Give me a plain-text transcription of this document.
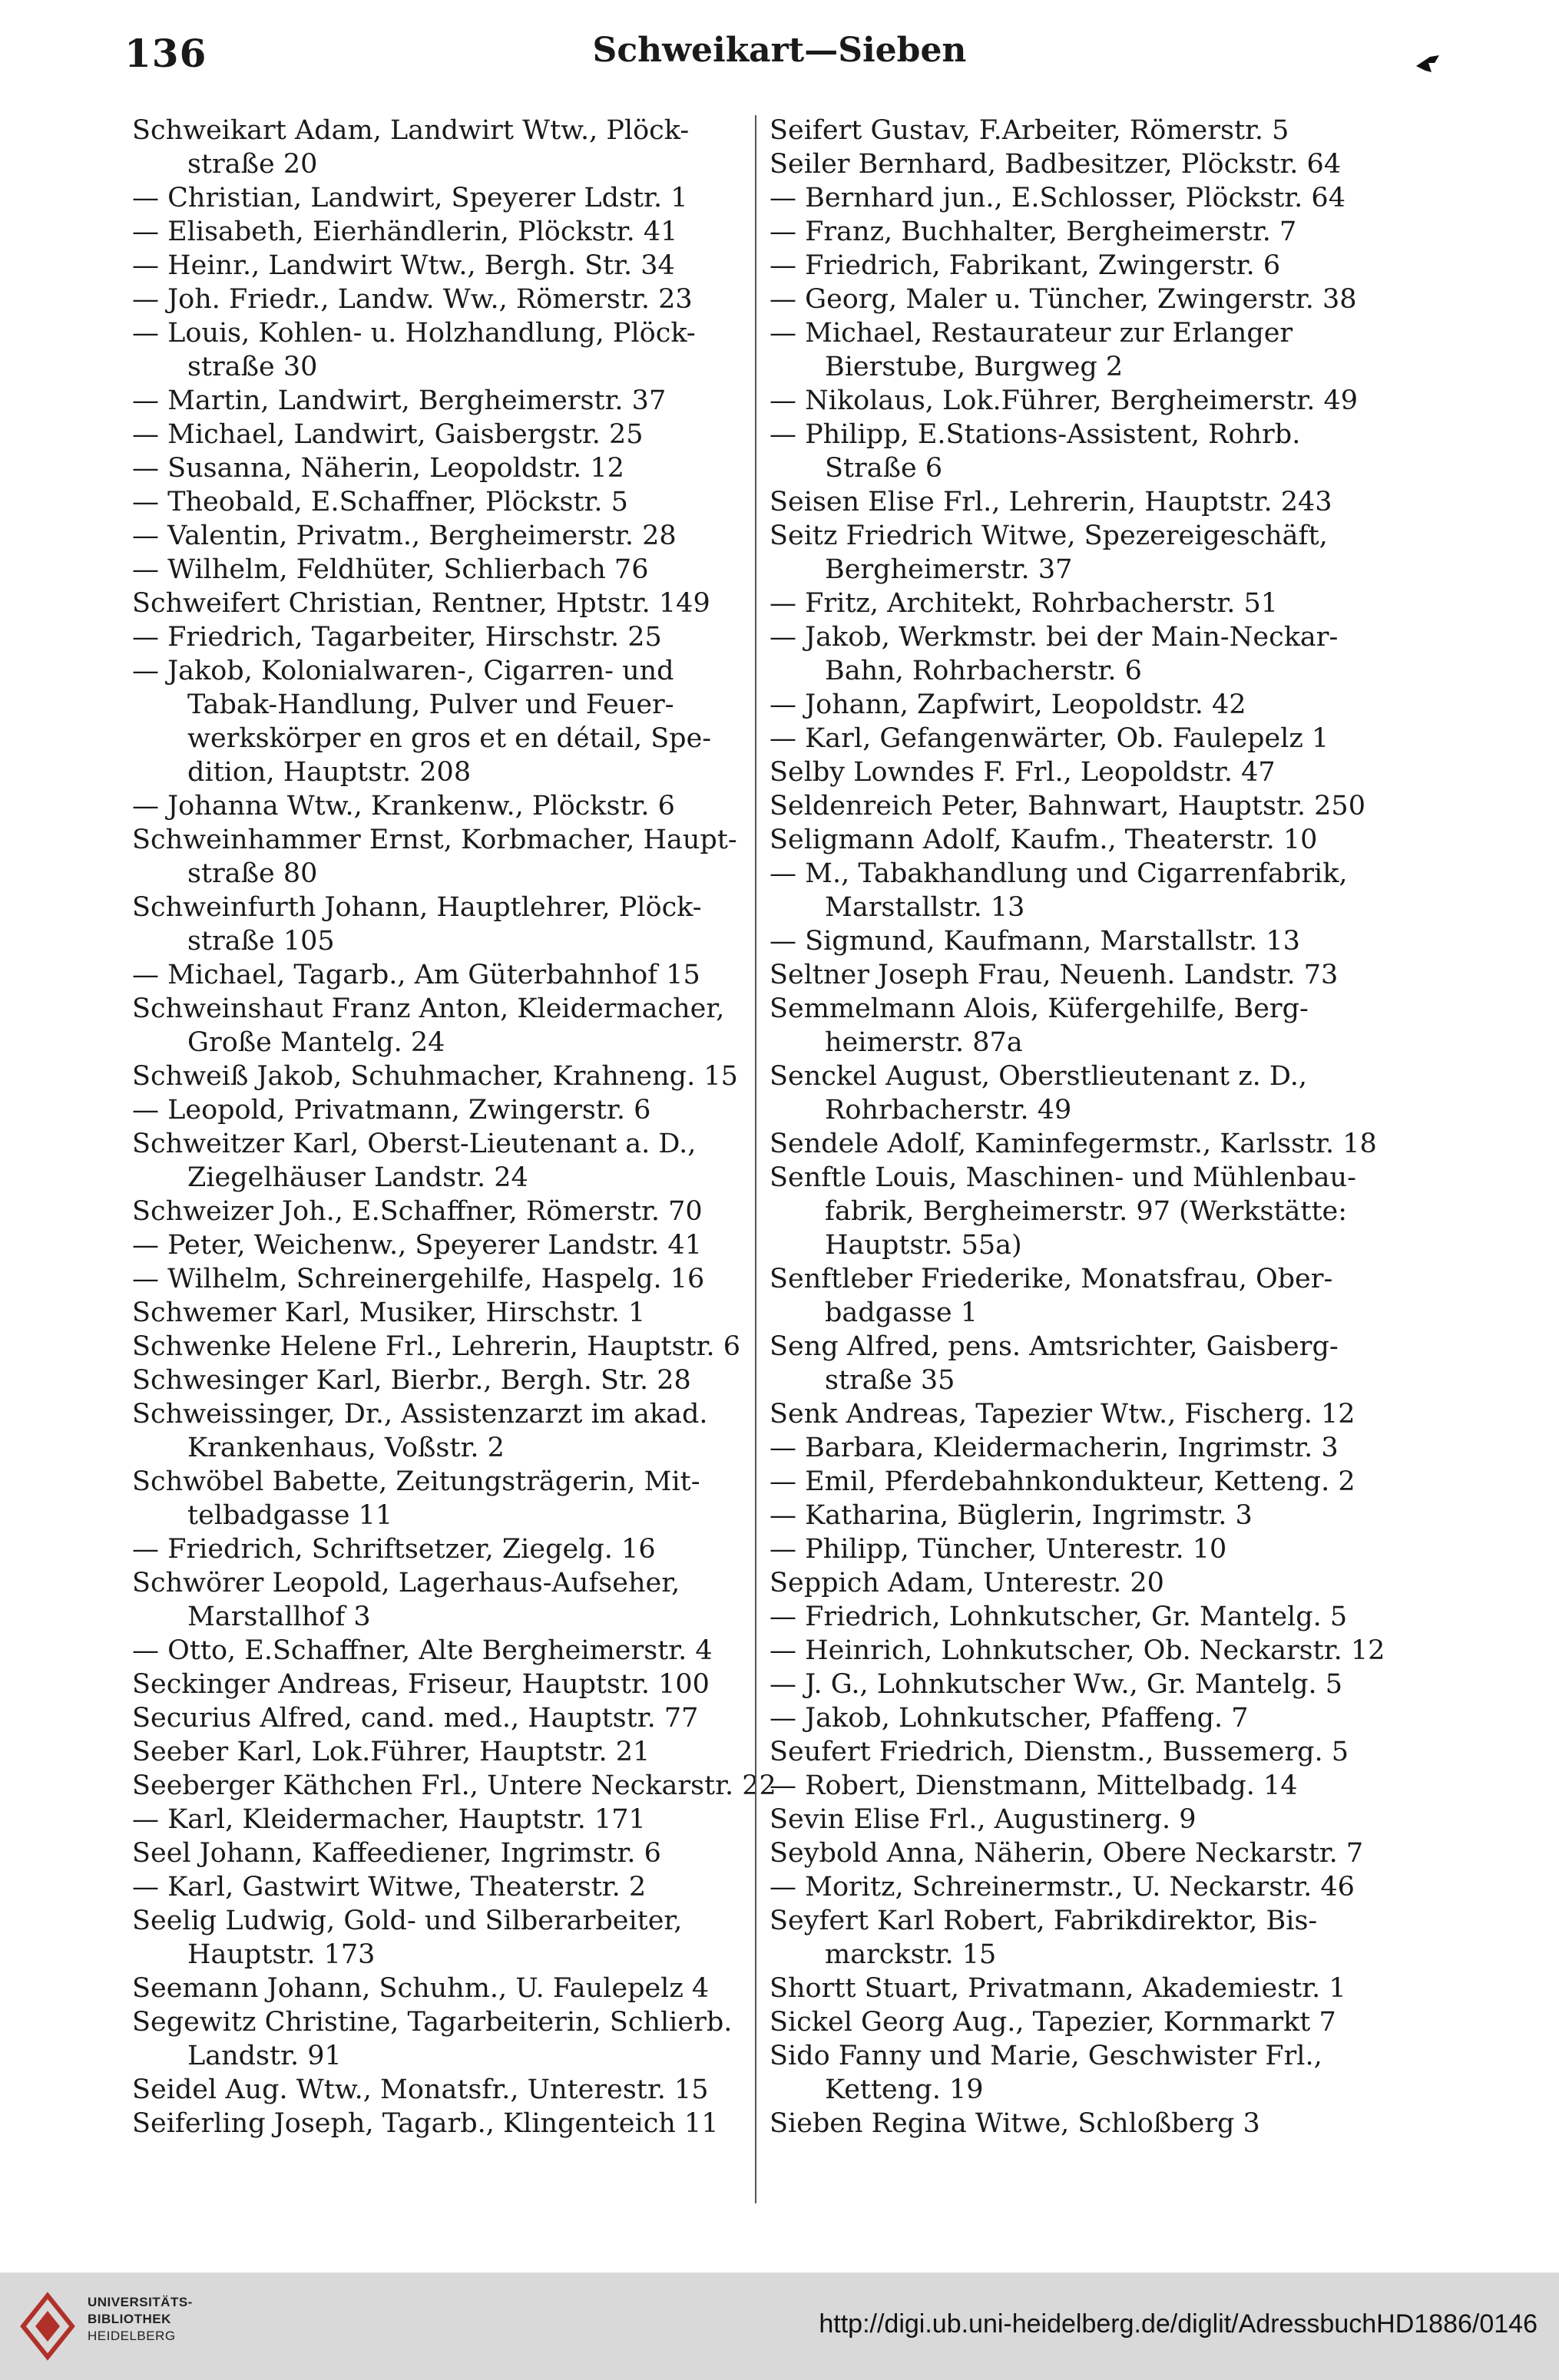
136	Schweikart—Sieben
Schweikart Adam, Landwirt Wtw., Plöck-

straße 20
— Christian, Landwirt, Speyerer Ldstr. 1
— Elisabeth, Eierhändlerin, Plöckstr. 41
— Heinr., Landwirt Wtw., Bergh. Str. 34
— Joh. Friedr., Landw. Ww., Römerstr. 23
— Louis, Kohlen- u. Holzhandlung, Plöck-

straße 30
— Martin, Landwirt, Bergheimerstr. 37
— Michael, Landwirt, Gaisbergstr. 25
— Susanna, Näherin, Leopoldstr. 12
— Theobald, E.Schaffner, Plöckstr. 5
— Valentin, Privatm., Bergheimerstr. 28
— Wilhelm, Feldhüter, Schlierbach 76
Schweifert Christian, Rentner, Hptstr. 149
— Friedrich, Tagarbeiter, Hirschstr. 25
— Jakob, Kolonialwaren-, Cigarren- und

Tabak-Handlung, Pulver und Feuer-
werkskörper en gros et en détail, Spe-
dition, Hauptstr. 208
— Johanna Wtw., Krankenw., Plöckstr. 6
Schweinhammer Ernst, Korbmacher, Haupt-

straße 80
Schweinfurth Johann, Hauptlehrer, Plöck-

straße 105
— Michael, Tagarb., Am Güterbahnhof 15
Schweinshaut Franz Anton, Kleidermacher,

Große Mantelg. 24
Schweiß Jakob, Schuhmacher, Krahneng. 15
— Leopold, Privatmann, Zwingerstr. 6
Schweitzer Karl, Oberst-Lieutenant a. D.,

Ziegelhäuser Landstr. 24
Schweizer Joh., E.Schaffner, Römerstr. 70
— Peter, Weichenw., Speyerer Landstr. 41
— Wilhelm, Schreinergehilfe, Haspelg. 16
Schwemer Karl, Musiker, Hirschstr. 1
Schwenke Helene Frl., Lehrerin, Hauptstr. 6
Schwesinger Karl, Bierbr., Bergh. Str. 28
Schweissinger, Dr., Assistenzarzt im akad.

Krankenhaus, Voßstr. 2
Schwöbel Babette, Zeitungsträgerin, Mit-

telbadgasse 11
— Friedrich, Schriftsetzer, Ziegelg. 16
Schwörer Leopold, Lagerhaus-Aufseher,

Marstallhof 3
— Otto, E.Schaffner, Alte Bergheimerstr. 4
Seckinger Andreas, Friseur, Hauptstr. 100
Securius Alfred, cand. med., Hauptstr. 77
Seeber Karl, Lok.Führer, Hauptstr. 21
Seeberger Käthchen Frl., Untere Neckarstr. 22
— Karl, Kleidermacher, Hauptstr. 171
Seel Johann, Kaffeediener, Ingrimstr. 6
— Karl, Gastwirt Witwe, Theaterstr. 2
Seelig Ludwig, Gold- und Silberarbeiter,

Hauptstr. 173
Seemann Johann, Schuhm., U. Faulepelz 4
Segewitz Christine, Tagarbeiterin, Schlierb.

Landstr. 91
Seidel Aug. Wtw., Monatsfr., Unterestr. 15
Seiferling Joseph, Tagarb., Klingenteich 11
Seifert Gustav, F.Arbeiter, Römerstr. 5
Seiler Bernhard, Badbesitzer, Plöckstr. 64
— Bernhard jun., E.Schlosser, Plöckstr. 64
— Franz, Buchhalter, Bergheimerstr. 7
— Friedrich, Fabrikant, Zwingerstr. 6
— Georg, Maler u. Tüncher, Zwingerstr. 38
— Michael, Restaurateur zur Erlanger

Bierstube, Burgweg 2
— Nikolaus, Lok.Führer, Bergheimerstr. 49
— Philipp, E.Stations-Assistent, Rohrb.

Straße 6
Seisen Elise Frl., Lehrerin, Hauptstr. 243
Seitz Friedrich Witwe, Spezereigeschäft,

Bergheimerstr. 37
— Fritz, Architekt, Rohrbacherstr. 51
— Jakob, Werkmstr. bei der Main-Neckar-

Bahn, Rohrbacherstr. 6
— Johann, Zapfwirt, Leopoldstr. 42
— Karl, Gefangenwärter, Ob. Faulepelz 1
Selby Lowndes F. Frl., Leopoldstr. 47
Seldenreich Peter, Bahnwart, Hauptstr. 250
Seligmann Adolf, Kaufm., Theaterstr. 10
— M., Tabakhandlung und Cigarrenfabrik,

Marstallstr. 13
— Sigmund, Kaufmann, Marstallstr. 13
Seltner Joseph Frau, Neuenh. Landstr. 73
Semmelmann Alois, Küfergehilfe, Berg-

heimerstr. 87a
Senckel August, Oberstlieutenant z. D.,

Rohrbacherstr. 49
Sendele Adolf, Kaminfegermstr., Karlsstr. 18
Senftle Louis, Maschinen- und Mühlenbau-

fabrik, Bergheimerstr. 97 (Werkstätte:
Hauptstr. 55a)
Senftleber Friederike, Monatsfrau, Ober-

badgasse 1
Seng Alfred, pens. Amtsrichter, Gaisberg-

straße 35
Senk Andreas, Tapezier Wtw., Fischerg. 12
— Barbara, Kleidermacherin, Ingrimstr. 3
— Emil, Pferdebahnkondukteur, Ketteng. 2
— Katharina, Büglerin, Ingrimstr. 3
— Philipp, Tüncher, Unterestr. 10
Seppich Adam, Unterestr. 20
— Friedrich, Lohnkutscher, Gr. Mantelg. 5
— Heinrich, Lohnkutscher, Ob. Neckarstr. 12
— J. G., Lohnkutscher Ww., Gr. Mantelg. 5
— Jakob, Lohnkutscher, Pfaffeng. 7
Seufert Friedrich, Dienstm., Bussemerg. 5
— Robert, Dienstmann, Mittelbadg. 14
Sevin Elise Frl., Augustinerg. 9
Seybold Anna, Näherin, Obere Neckarstr. 7
— Moritz, Schreinermstr., U. Neckarstr. 46
Seyfert Karl Robert, Fabrikdirektor, Bis-

marckstr. 15
Shortt Stuart, Privatmann, Akademiestr. 1
Sickel Georg Aug., Tapezier, Kornmarkt 7
Sido Fanny und Marie, Geschwister Frl.,

Ketteng. 19
Sieben Regina Witwe, Schloßberg 3
UNIVERSITÄTS-
BIBLIOTHEK
HEIDELBERG	http://digi.ub.uni-heidelberg.de/diglit/AdressbuchHD1886/0146
